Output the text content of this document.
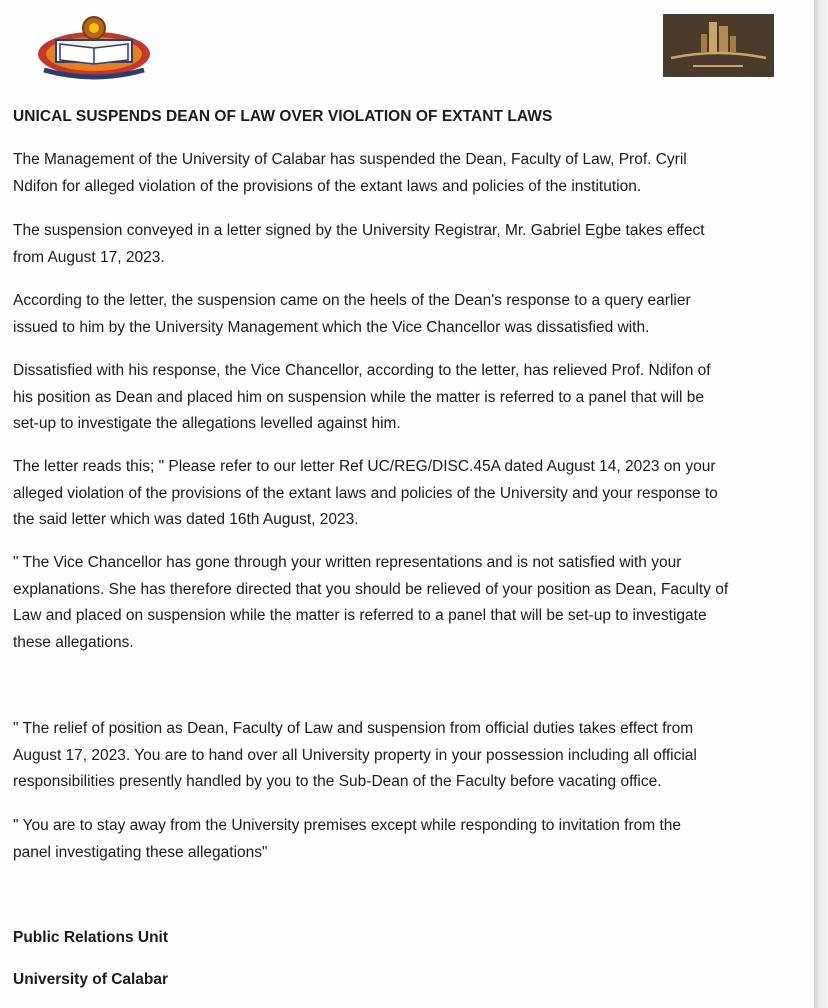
UNICAL SUSPENDS DEAN OF LAW OVER VIOLATION OF EXTANT LAWS

The Management of the University of Calabar has suspended the Dean, Faculty of Law, Prof. Cyril
Ndifon for alleged violation of the provisions of the extant laws and policies of the institution.

The suspension conveyed in a letter signed by the University Registrar, Mr. Gabriel Egbe takes effect
from August 17, 2023.

According to the letter, the suspension came on the heels of the Dean's response to a query earlier
issued to him by the University Management which the Vice Chancellor was dissatisfied with.

Dissatisfied with his response, the Vice Chancellor, according to the letter, has relieved Prof. Ndifon of
his position as Dean and placed him on suspension while the matter is referred to a panel that will be
set-up to investigate the allegations levelled against him.

The letter reads this; " Please refer to our letter Ref UC/REG/DISC.45A dated August 14, 2023 on your
alleged violation of the provisions of the extant laws and policies of the University and your response to
the said letter which was dated 16th August, 2023.

" The Vice Chancellor has gone through your written representations and is not satisfied with your
explanations. She has therefore directed that you should be relieved of your position as Dean, Faculty of
Law and placed on suspension while the matter is referred to a panel that will be set-up to investigate
these allegations.

" The relief of position as Dean, Faculty of Law and suspension from official duties takes effect from
August 17, 2023. You are to hand over all University property in your possession including all official
responsibilities presently handled by you to the Sub-Dean of the Faculty before vacating office.

" You are to stay away from the University premises except while responding to invitation from the
panel investigating these allegations"

Public Relations Unit

University of Calabar
